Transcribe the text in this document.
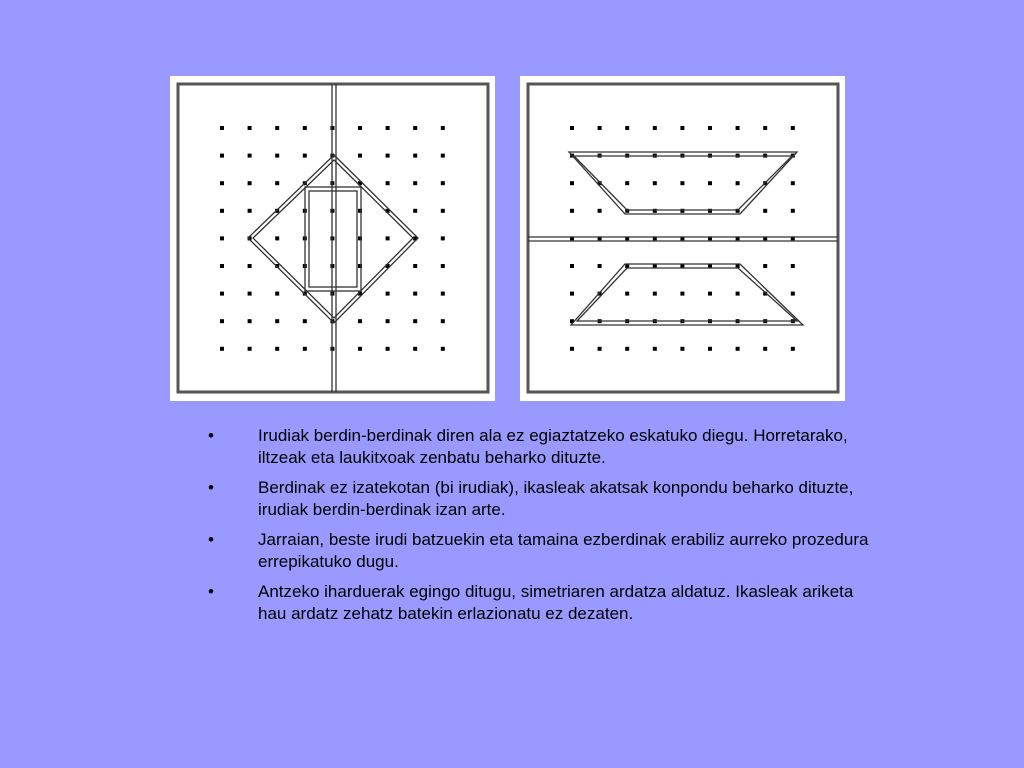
•	Irudiak berdin-berdinak diren ala ez egiaztatzeko eskatuko diegu. Horretarako, iltzeak eta laukitxoak zenbatu beharko dituzte.
•	Berdinak ez izatekotan (bi irudiak), ikasleak akatsak konpondu beharko dituzte, irudiak berdin-berdinak izan arte.
•	Jarraian, beste irudi batzuekin eta tamaina ezberdinak erabiliz aurreko prozedura errepikatuko dugu.
•	Antzeko iharduerak egingo ditugu, simetriaren ardatza aldatuz. Ikasleak ariketa hau ardatz zehatz batekin erlazionatu ez dezaten.
